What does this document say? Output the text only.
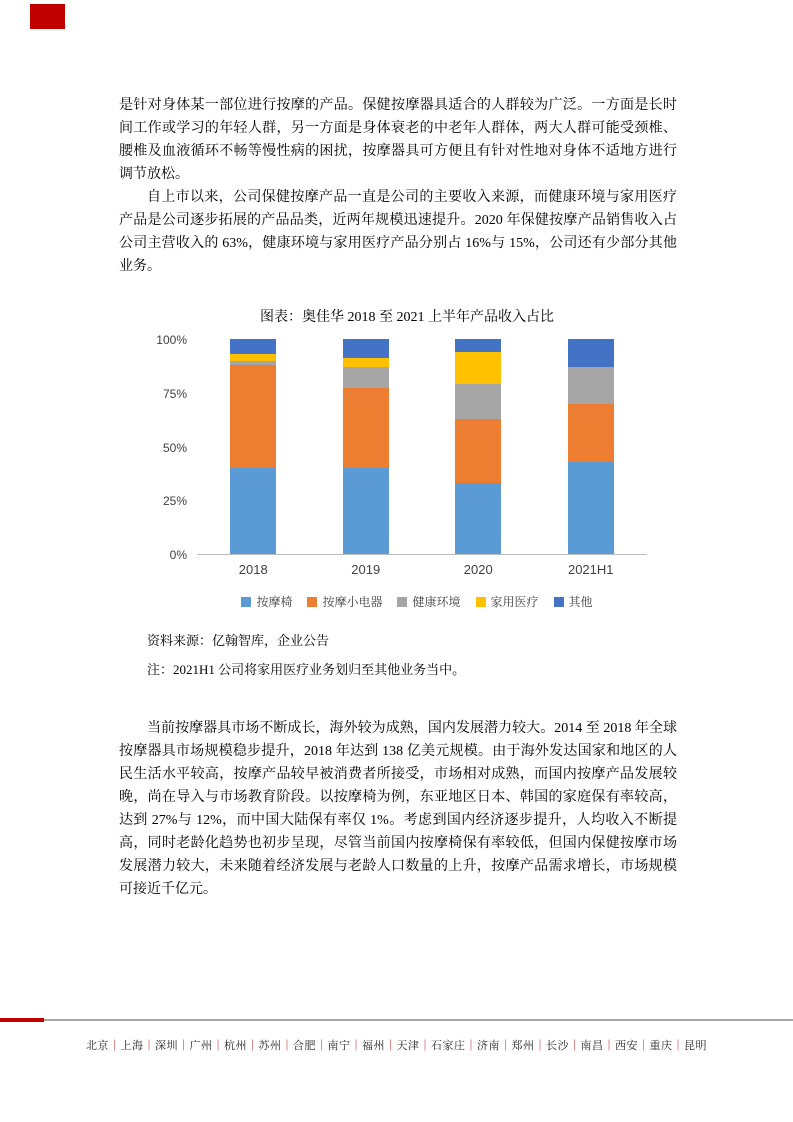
是针对身体某一部位进行按摩的产品。保健按摩器具适合的人群较为广泛。一方面是长时间工作或学习的年轻人群，另一方面是身体衰老的中老年人群体，两大人群可能受颈椎、腰椎及血液循环不畅等慢性病的困扰，按摩器具可方便且有针对性地对身体不适地方进行调节放松。

自上市以来，公司保健按摩产品一直是公司的主要收入来源，而健康环境与家用医疗产品是公司逐步拓展的产品品类，近两年规模迅速提升。2020 年保健按摩产品销售收入占公司主营收入的 63%，健康环境与家用医疗产品分别占 16%与 15%，公司还有少部分其他业务。

图表：奥佳华 2018 至 2021 上半年产品收入占比
0%
25%
50%
75%
100%
2018	2019	2020	2021H1
按摩椅	按摩小电器	健康环境	家用医疗	其他

资料来源：亿翰智库，企业公告

注：2021H1 公司将家用医疗业务划归至其他业务当中。

当前按摩器具市场不断成长，海外较为成熟，国内发展潜力较大。2014 至 2018 年全球按摩器具市场规模稳步提升，2018 年达到 138 亿美元规模。由于海外发达国家和地区的人民生活水平较高，按摩产品较早被消费者所接受，市场相对成熟，而国内按摩产品发展较晚，尚在导入与市场教育阶段。以按摩椅为例，东亚地区日本、韩国的家庭保有率较高，达到 27%与 12%，而中国大陆保有率仅 1%。考虑到国内经济逐步提升，人均收入不断提高，同时老龄化趋势也初步呈现，尽管当前国内按摩椅保有率较低，但国内保健按摩市场发展潜力较大，未来随着经济发展与老龄人口数量的上升，按摩产品需求增长，市场规模可接近千亿元。

北京｜上海｜深圳｜广州｜杭州｜苏州｜合肥｜南宁｜福州｜天津｜石家庄｜济南｜郑州｜长沙｜南昌｜西安｜重庆｜昆明
